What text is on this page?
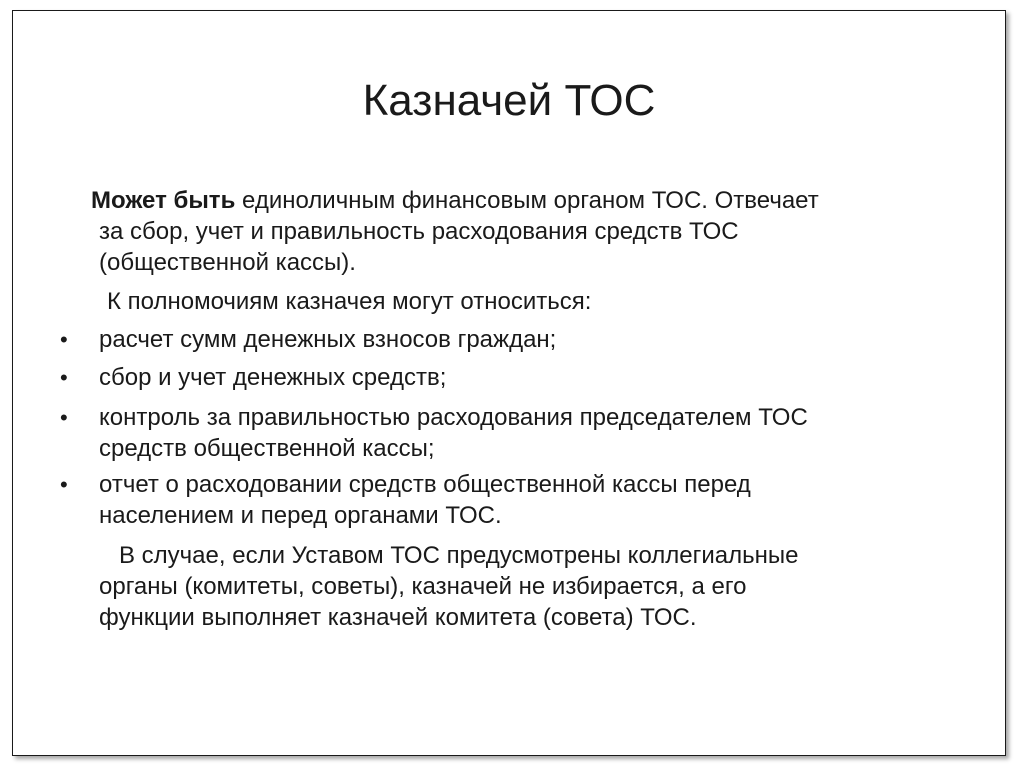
Казначей ТОС
Может быть единоличным финансовым органом ТОС. Отвечает
за сбор, учет и правильность расходования средств ТОС
(общественной кассы).
К полномочиям казначея могут относиться:
• расчет сумм денежных взносов граждан;
• сбор и учет денежных средств;
• контроль за правильностью расходования председателем ТОС
средств общественной кассы;
• отчет о расходовании средств общественной кассы перед
населением и перед органами ТОС.
В случае, если Уставом ТОС предусмотрены коллегиальные
органы (комитеты, советы), казначей не избирается, а его
функции выполняет казначей комитета (совета) ТОС.
